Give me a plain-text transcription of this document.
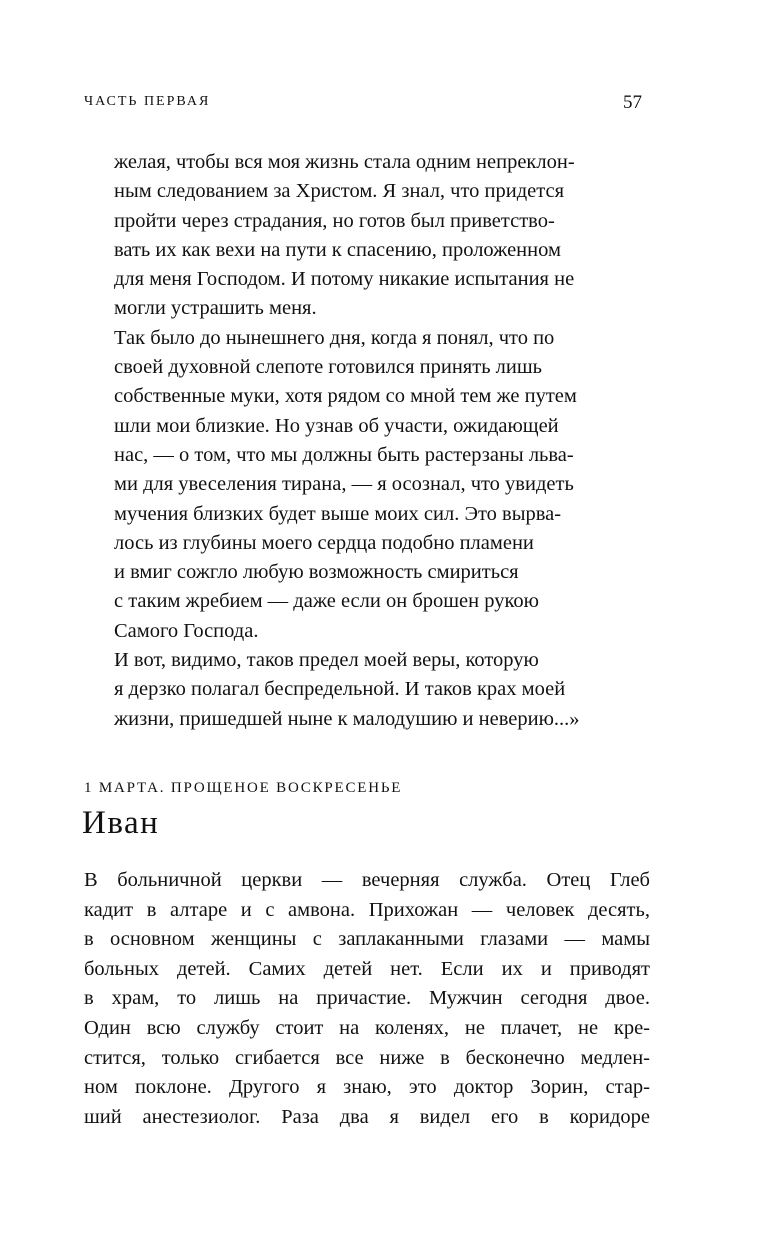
ЧАСТЬ ПЕРВАЯ	57
желая, чтобы вся моя жизнь стала одним непреклон-
ным следованием за Христом. Я знал, что придется
пройти через страдания, но готов был приветство-
вать их как вехи на пути к спасению, проложенном
для меня Господом. И потому никакие испытания не
могли устрашить меня.
Так было до нынешнего дня, когда я понял, что по
своей духовной слепоте готовился принять лишь
собственные муки, хотя рядом со мной тем же путем
шли мои близкие. Но узнав об участи, ожидающей
нас, — о том, что мы должны быть растерзаны льва-
ми для увеселения тирана, — я осознал, что увидеть
мучения близких будет выше моих сил. Это вырва-
лось из глубины моего сердца подобно пламени
и вмиг сожгло любую возможность смириться
с таким жребием — даже если он брошен рукою
Самого Господа.
И вот, видимо, таков предел моей веры, которую
я дерзко полагал беспредельной. И таков крах моей
жизни, пришедшей ныне к малодушию и неверию...»
1 МАРТА. ПРОЩЕНОЕ ВОСКРЕСЕНЬЕ
Иван
В больничной церкви — вечерняя служба. Отец Глеб
кадит в алтаре и с амвона. Прихожан — человек десять,
в основном женщины с заплаканными глазами — мамы
больных детей. Самих детей нет. Если их и приводят
в храм, то лишь на причастие. Мужчин сегодня двое.
Один всю службу стоит на коленях, не плачет, не кре-
стится, только сгибается все ниже в бесконечно медлен-
ном поклоне. Другого я знаю, это доктор Зорин, стар-
ший анестезиолог. Раза два я видел его в коридоре
